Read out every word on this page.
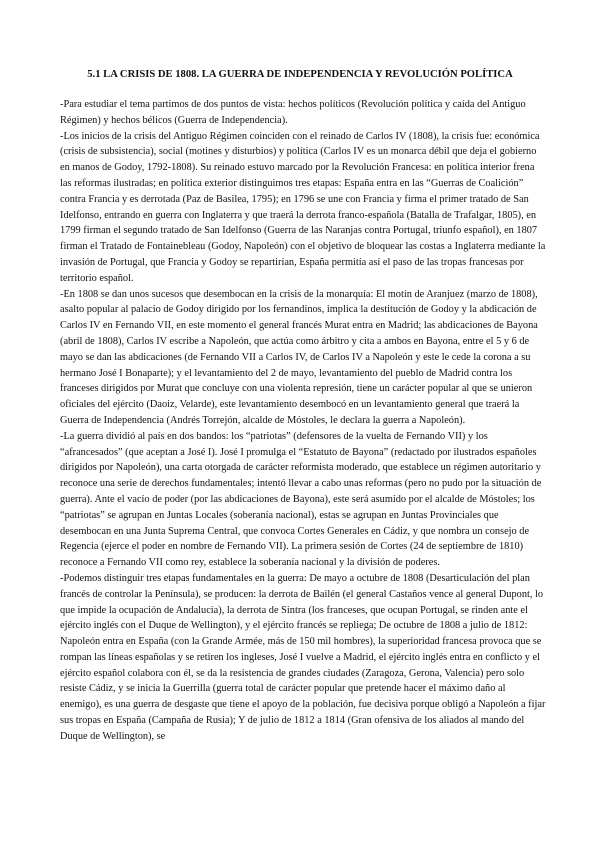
5.1 LA CRISIS DE 1808. LA GUERRA DE INDEPENDENCIA Y REVOLUCIÓN POLÍTICA

-Para estudiar el tema partimos de dos puntos de vista: hechos políticos (Revolución política y caída del Antiguo Régimen) y hechos bélicos (Guerra de Independencia).

-Los inicios de la crisis del Antiguo Régimen coinciden con el reinado de Carlos IV (1808), la crisis fue: económica (crisis de subsistencia), social (motines y disturbios) y política (Carlos IV es un monarca débil que deja el gobierno en manos de Godoy, 1792-1808). Su reinado estuvo marcado por la Revolución Francesa: en política interior frena las reformas ilustradas; en política exterior distinguimos tres etapas: España entra en las “Guerras de Coalición” contra Francia y es derrotada (Paz de Basilea, 1795); en 1796 se une con Francia y firma el primer tratado de San Idelfonso, entrando en guerra con Inglaterra y que traerá la derrota franco-española (Batalla de Trafalgar, 1805), en 1799 firman el segundo tratado de San Idelfonso (Guerra de las Naranjas contra Portugal, triunfo español), en 1807 firman el Tratado de Fontainebleau (Godoy, Napoleón) con el objetivo de bloquear las costas a Inglaterra mediante la invasión de Portugal, que Francia y Godoy se repartirían, España permitía así el paso de las tropas francesas por territorio español.

-En 1808 se dan unos sucesos que desembocan en la crisis de la monarquía: El motín de Aranjuez (marzo de 1808), asalto popular al palacio de Godoy dirigido por los fernandinos, implica la destitución de Godoy y la abdicación de Carlos IV en Fernando VII, en este momento el general francés Murat entra en Madrid; las abdicaciones de Bayona (abril de 1808), Carlos IV escribe a Napoleón, que actúa como árbitro y cita a ambos en Bayona, entre el 5 y 6 de mayo se dan las abdicaciones (de Fernando VII a Carlos IV, de Carlos IV a Napoleón y este le cede la corona a su hermano José I Bonaparte); y el levantamiento del 2 de mayo, levantamiento del pueblo de Madrid contra los franceses dirigidos por Murat que concluye con una violenta represión, tiene un carácter popular al que se unieron oficiales del ejército (Daoiz, Velarde), este levantamiento desembocó en un levantamiento general que traerá la Guerra de Independencia (Andrés Torrejón, alcalde de Móstoles, le declara la guerra a Napoleón).

-La guerra dividió al país en dos bandos: los “patriotas” (defensores de la vuelta de Fernando VII) y los “afrancesados” (que aceptan a José I). José I promulga el “Estatuto de Bayona” (redactado por ilustrados españoles dirigidos por Napoleón), una carta otorgada de carácter reformista moderado, que establece un régimen autoritario y reconoce una serie de derechos fundamentales; intentó llevar a cabo unas reformas (pero no pudo por la situación de guerra). Ante el vacío de poder (por las abdicaciones de Bayona), este será asumido por el alcalde de Móstoles; los “patriotas” se agrupan en Juntas Locales (soberanía nacional), estas se agrupan en Juntas Provinciales que desembocan en una Junta Suprema Central, que convoca Cortes Generales en Cádiz, y que nombra un consejo de Regencia (ejerce el poder en nombre de Fernando VII). La primera sesión de Cortes (24 de septiembre de 1810) reconoce a Fernando VII como rey, establece la soberanía nacional y la división de poderes.

-Podemos distinguir tres etapas fundamentales en la guerra: De mayo a octubre de 1808 (Desarticulación del plan francés de controlar la Península), se producen: la derrota de Bailén (el general Castaños vence al general Dupont, lo que impide la ocupación de Andalucía), la derrota de Sintra (los franceses, que ocupan Portugal, se rinden ante el ejército inglés con el Duque de Wellington), y el ejército francés se repliega; De octubre de 1808 a julio de 1812: Napoleón entra en España (con la Grande Armée, más de 150 mil hombres), la superioridad francesa provoca que se rompan las líneas españolas y se retiren los ingleses, José I vuelve a Madrid, el ejército inglés entra en conflicto y el ejército español colabora con él, se da la resistencia de grandes ciudades (Zaragoza, Gerona, Valencia) pero solo resiste Cádiz, y se inicia la Guerrilla (guerra total de carácter popular que pretende hacer el máximo daño al enemigo), es una guerra de desgaste que tiene el apoyo de la población, fue decisiva porque obligó a Napoleón a fijar sus tropas en España (Campaña de Rusia); Y de julio de 1812 a 1814 (Gran ofensiva de los aliados al mando del Duque de Wellington), se
